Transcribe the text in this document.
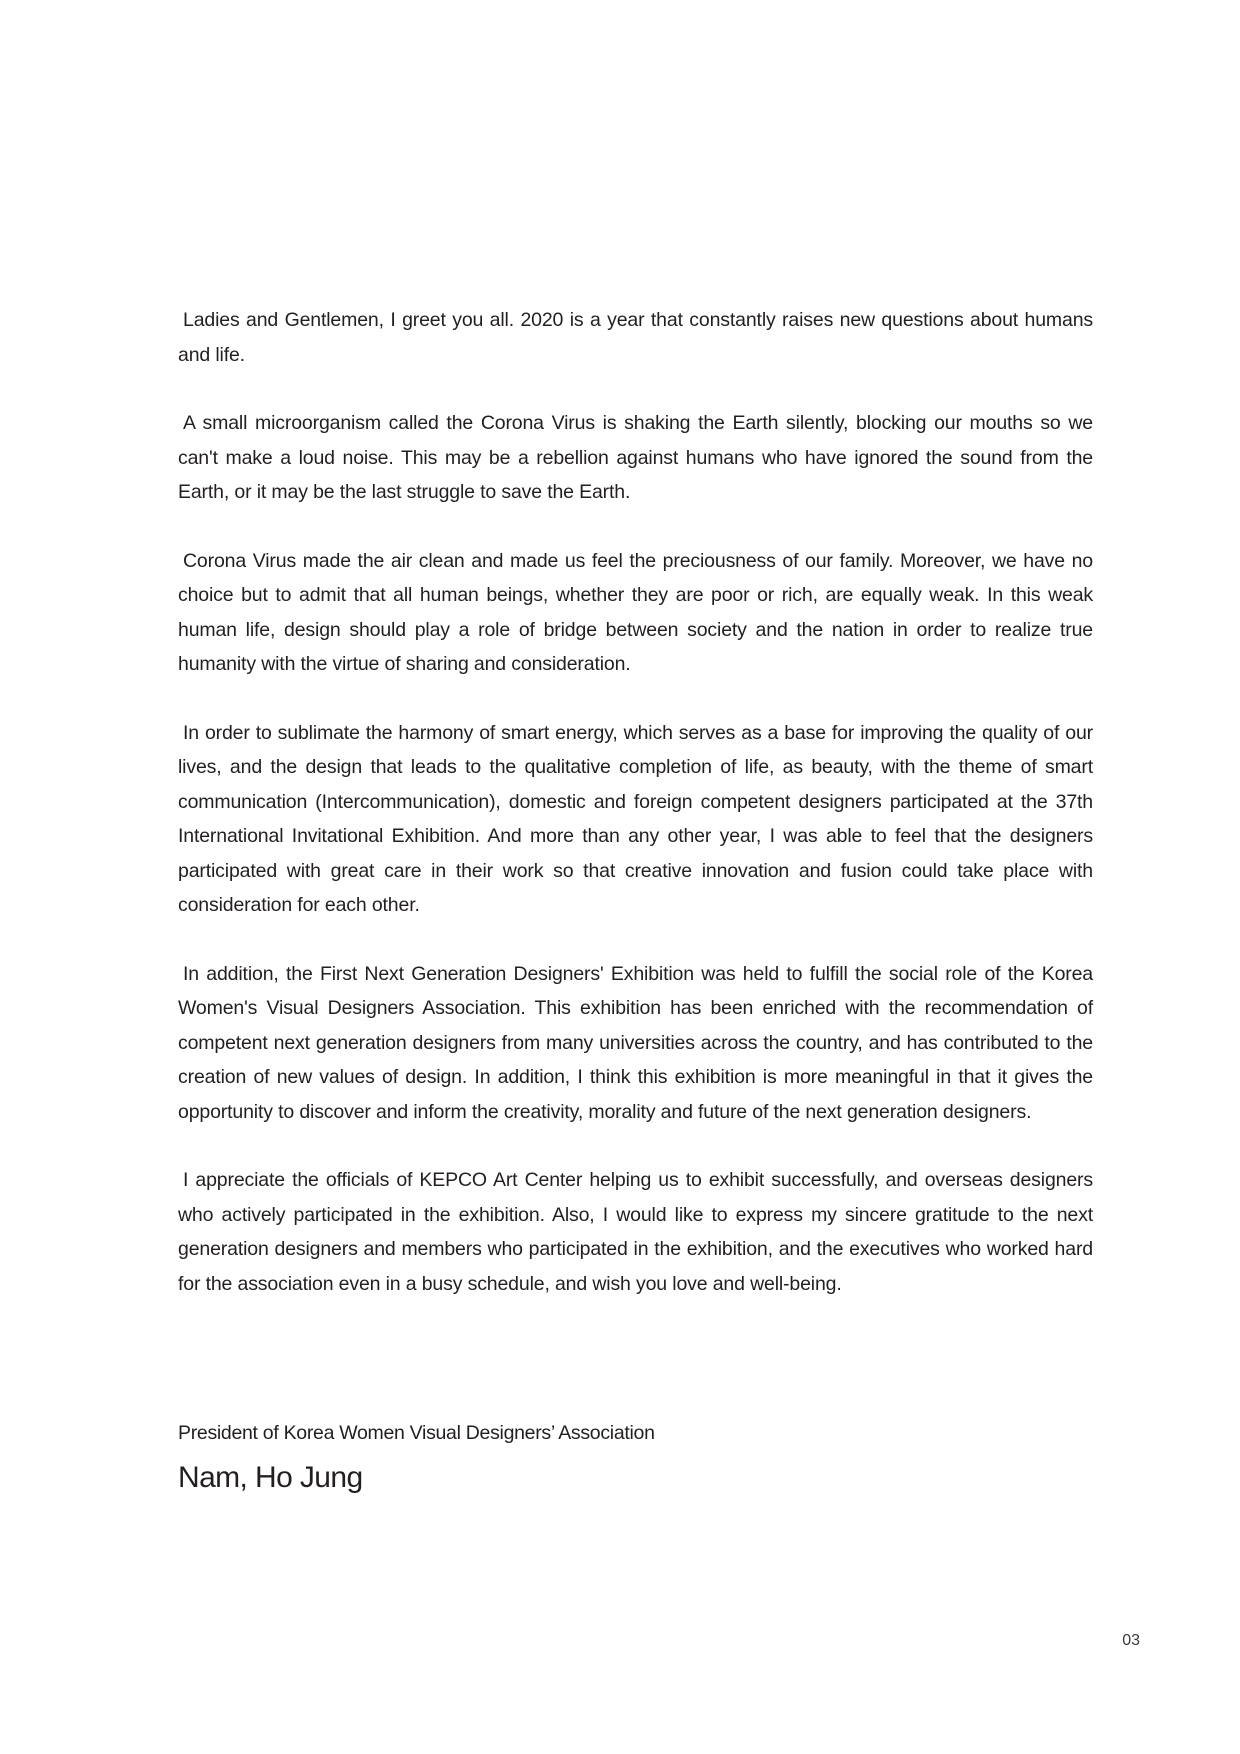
Ladies and Gentlemen, I greet you all. 2020 is a year that constantly raises new questions about humans and life.

A small microorganism called the Corona Virus is shaking the Earth silently, blocking our mouths so we can't make a loud noise. This may be a rebellion against humans who have ignored the sound from the Earth, or it may be the last struggle to save the Earth.

Corona Virus made the air clean and made us feel the preciousness of our family. Moreover, we have no choice but to admit that all human beings, whether they are poor or rich, are equally weak. In this weak human life, design should play a role of bridge between society and the nation in order to realize true humanity with the virtue of sharing and consideration.

In order to sublimate the harmony of smart energy, which serves as a base for improving the quality of our lives, and the design that leads to the qualitative completion of life, as beauty, with the theme of smart communication (Intercommunication), domestic and foreign competent designers participated at the 37th International Invitational Exhibition. And more than any other year, I was able to feel that the designers participated with great care in their work so that creative innovation and fusion could take place with consideration for each other.

In addition, the First Next Generation Designers' Exhibition was held to fulfill the social role of the Korea Women's Visual Designers Association. This exhibition has been enriched with the recommendation of competent next generation designers from many universities across the country, and has contributed to the creation of new values of design. In addition, I think this exhibition is more meaningful in that it gives the opportunity to discover and inform the creativity, morality and future of the next generation designers.

I appreciate the officials of KEPCO Art Center helping us to exhibit successfully, and overseas designers who actively participated in the exhibition. Also, I would like to express my sincere gratitude to the next generation designers and members who participated in the exhibition, and the executives who worked hard for the association even in a busy schedule, and wish you love and well-being.

President of Korea Women Visual Designers’ Association

Nam, Ho Jung

03
